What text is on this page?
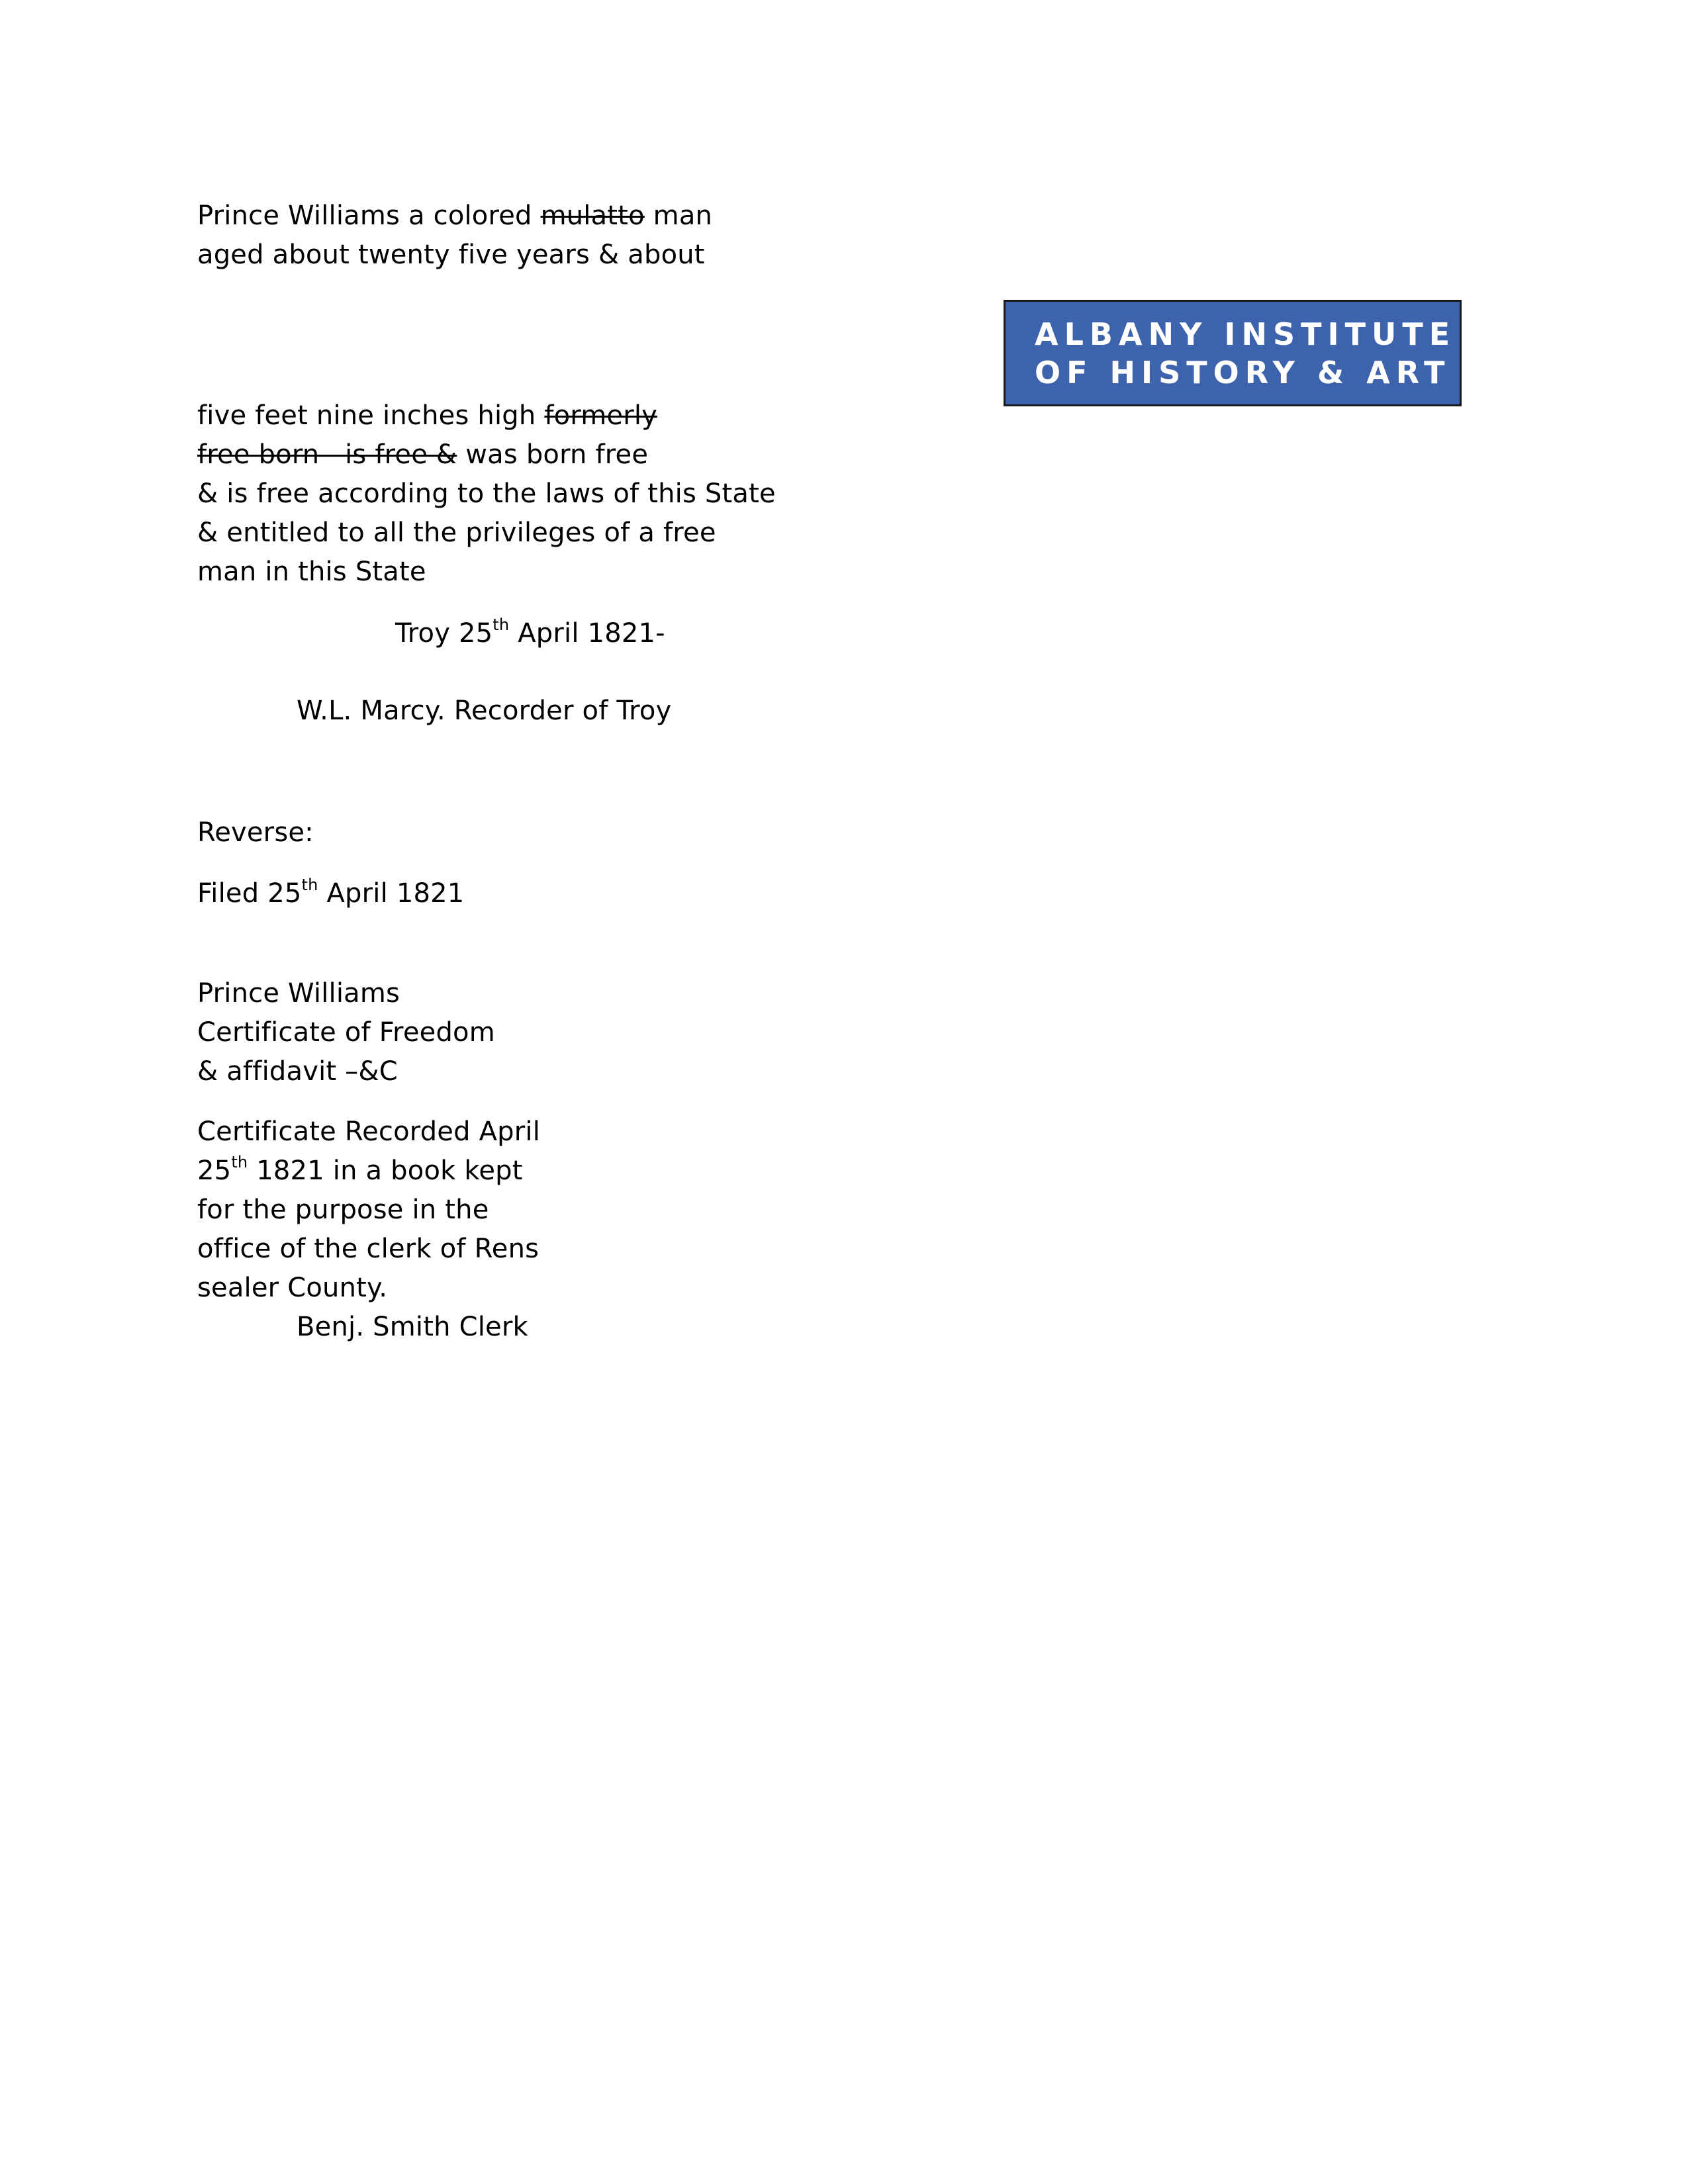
ALBANY INSTITUTE
OF HISTORY & ART
Prince Williams a colored mulatto man
aged about twenty five years & about
five feet nine inches high formerly
free born   is free & was born free
& is free according to the laws of this State
& entitled to all the privileges of a free
man in this State
Troy 25th April 1821-
W.L. Marcy. Recorder of Troy
Reverse:
Filed 25th April 1821
Prince Williams
Certificate of Freedom
& affidavit –&C
Certificate Recorded April
25th 1821 in a book kept
for the purpose in the
office of the clerk of Rens
sealer County.
Benj. Smith Clerk
